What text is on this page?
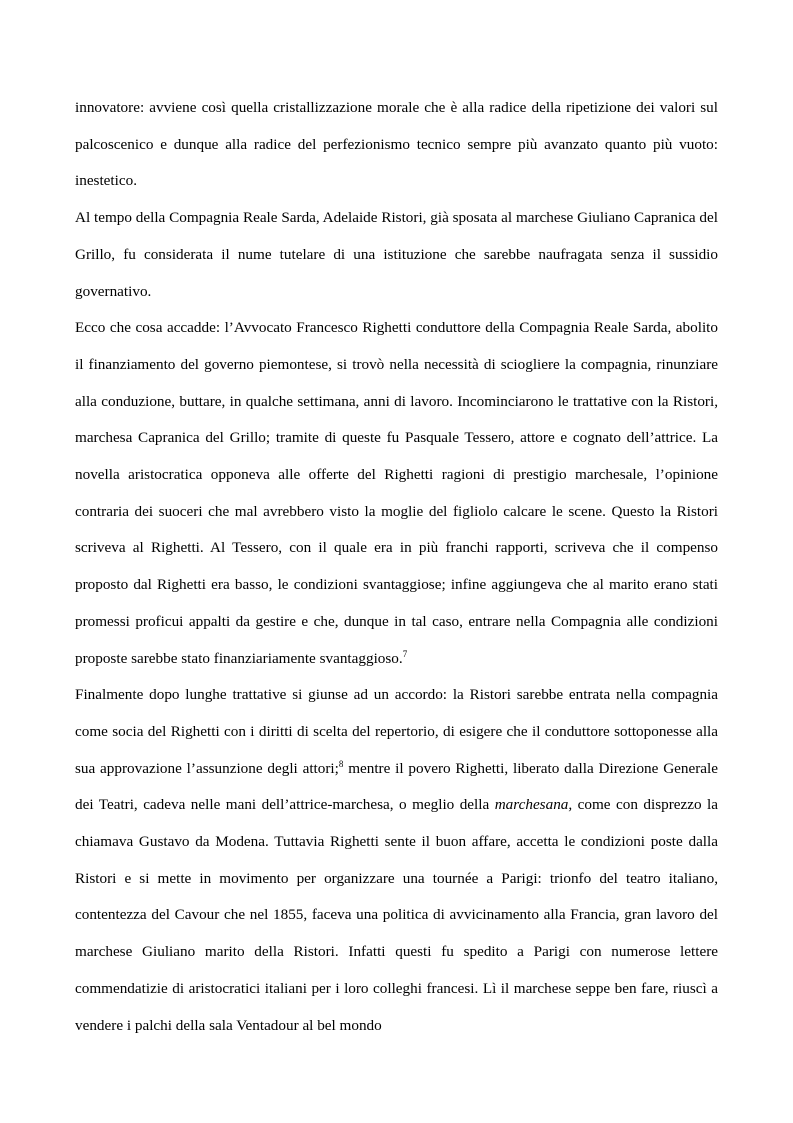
innovatore: avviene così quella cristallizzazione morale che è alla radice della ripetizione dei valori sul palcoscenico e dunque alla radice del perfezionismo tecnico sempre più avanzato quanto più vuoto: inestetico.

Al tempo della Compagnia Reale Sarda, Adelaide Ristori, già sposata al marchese Giuliano Capranica del Grillo, fu considerata il nume tutelare di una istituzione che sarebbe naufragata senza il sussidio governativo.

Ecco che cosa accadde: l’Avvocato Francesco Righetti conduttore della Compagnia Reale Sarda, abolito il finanziamento del governo piemontese, si trovò nella necessità di sciogliere la compagnia, rinunziare alla conduzione, buttare, in qualche settimana, anni di lavoro. Incominciarono le trattative con la Ristori, marchesa Capranica del Grillo; tramite di queste fu Pasquale Tessero, attore e cognato dell’attrice. La novella aristocratica opponeva alle offerte del Righetti ragioni di prestigio marchesale, l’opinione contraria dei suoceri che mal avrebbero visto la moglie del figliolo calcare le scene. Questo la Ristori scriveva al Righetti. Al Tessero, con il quale era in più franchi rapporti, scriveva che il compenso proposto dal Righetti era basso, le condizioni svantaggiose; infine aggiungeva che al marito erano stati promessi proficui appalti da gestire e che, dunque in tal caso, entrare nella Compagnia alle condizioni proposte sarebbe stato finanziariamente svantaggioso.$^7$

Finalmente dopo lunghe trattative si giunse ad un accordo: la Ristori sarebbe entrata nella compagnia come socia del Righetti con i diritti di scelta del repertorio, di esigere che il conduttore sottoponesse alla sua approvazione l’assunzione degli attori;$^8$ mentre il povero Righetti, liberato dalla Direzione Generale dei Teatri, cadeva nelle mani dell’attrice-marchesa, o meglio della marchesana, come con disprezzo la chiamava Gustavo da Modena. Tuttavia Righetti sente il buon affare, accetta le condizioni poste dalla Ristori e si mette in movimento per organizzare una tournée a Parigi: trionfo del teatro italiano, contentezza del Cavour che nel 1855, faceva una politica di avvicinamento alla Francia, gran lavoro del marchese Giuliano marito della Ristori. Infatti questi fu spedito a Parigi con numerose lettere commendatizie di aristocratici italiani per i loro colleghi francesi. Lì il marchese seppe ben fare, riuscì a vendere i palchi della sala Ventadour al bel mondo
